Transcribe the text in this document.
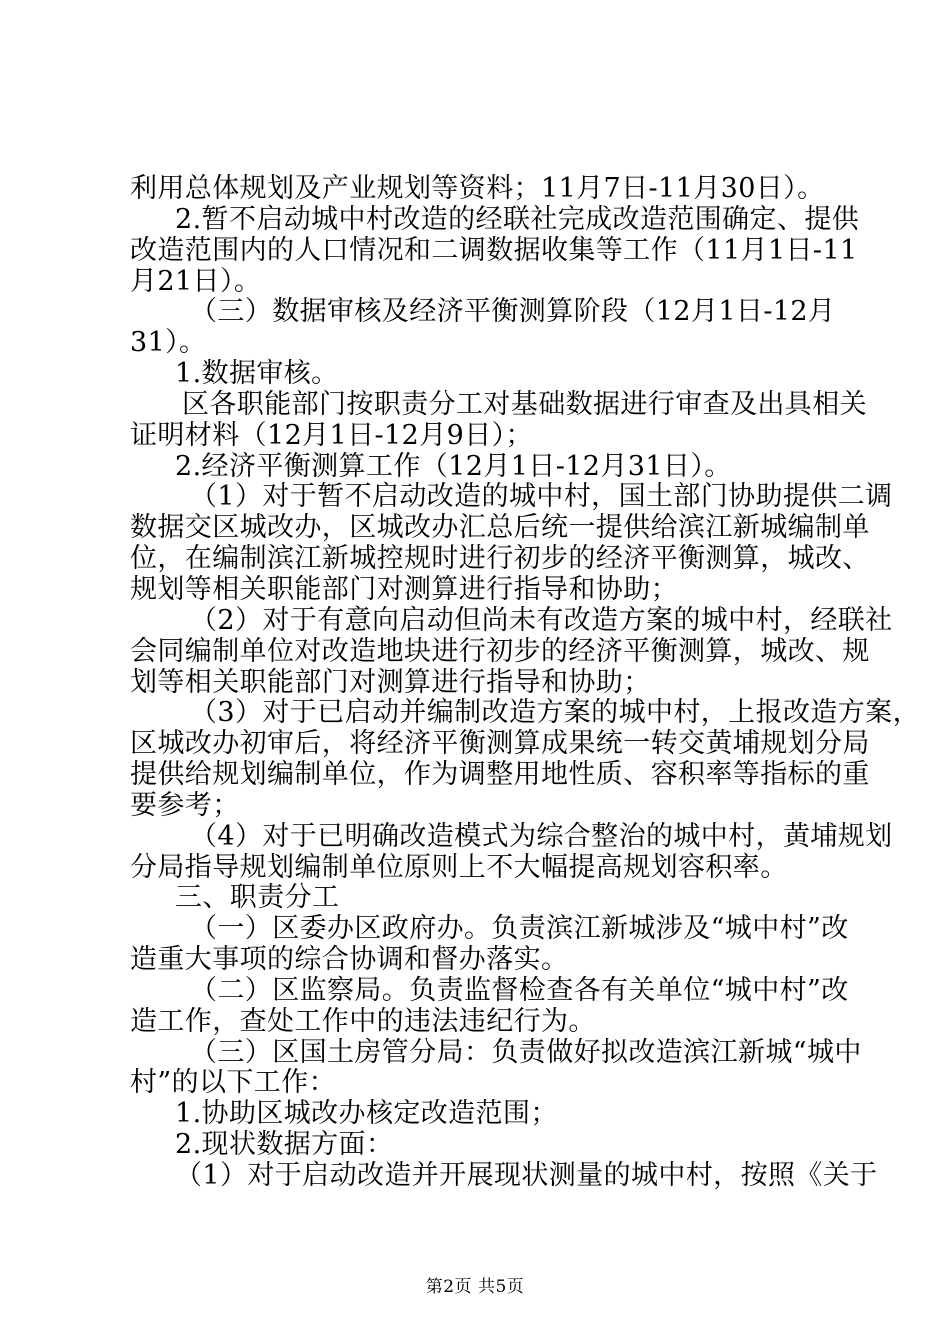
利用总体规划及产业规划等资料；11月7日-11月30日）。
2.暂不启动城中村改造的经联社完成改造范围确定、提供
改造范围内的人口情况和二调数据收集等工作（11月1日-11
月21日）。
（三）数据审核及经济平衡测算阶段（12月1日-12月
31）。
1.数据审核。
区各职能部门按职责分工对基础数据进行审查及出具相关
证明材料（12月1日-12月9日）；
2.经济平衡测算工作（12月1日-12月31日）。
（1）对于暂不启动改造的城中村，国土部门协助提供二调
数据交区城改办，区城改办汇总后统一提供给滨江新城编制单
位，在编制滨江新城控规时进行初步的经济平衡测算，城改、
规划等相关职能部门对测算进行指导和协助；
（2）对于有意向启动但尚未有改造方案的城中村，经联社
会同编制单位对改造地块进行初步的经济平衡测算，城改、规
划等相关职能部门对测算进行指导和协助；
（3）对于已启动并编制改造方案的城中村，上报改造方案，
区城改办初审后，将经济平衡测算成果统一转交黄埔规划分局
提供给规划编制单位，作为调整用地性质、容积率等指标的重
要参考；
（4）对于已明确改造模式为综合整治的城中村，黄埔规划
分局指导规划编制单位原则上不大幅提高规划容积率。
三、职责分工
（一）区委办区政府办。负责滨江新城涉及“城中村”改
造重大事项的综合协调和督办落实。
（二）区监察局。负责监督检查各有关单位“城中村”改
造工作，查处工作中的违法违纪行为。
（三）区国土房管分局：负责做好拟改造滨江新城“城中
村”的以下工作：
1.协助区城改办核定改造范围；
2.现状数据方面：
（1）对于启动改造并开展现状测量的城中村，按照《关于
第2页 共5页
